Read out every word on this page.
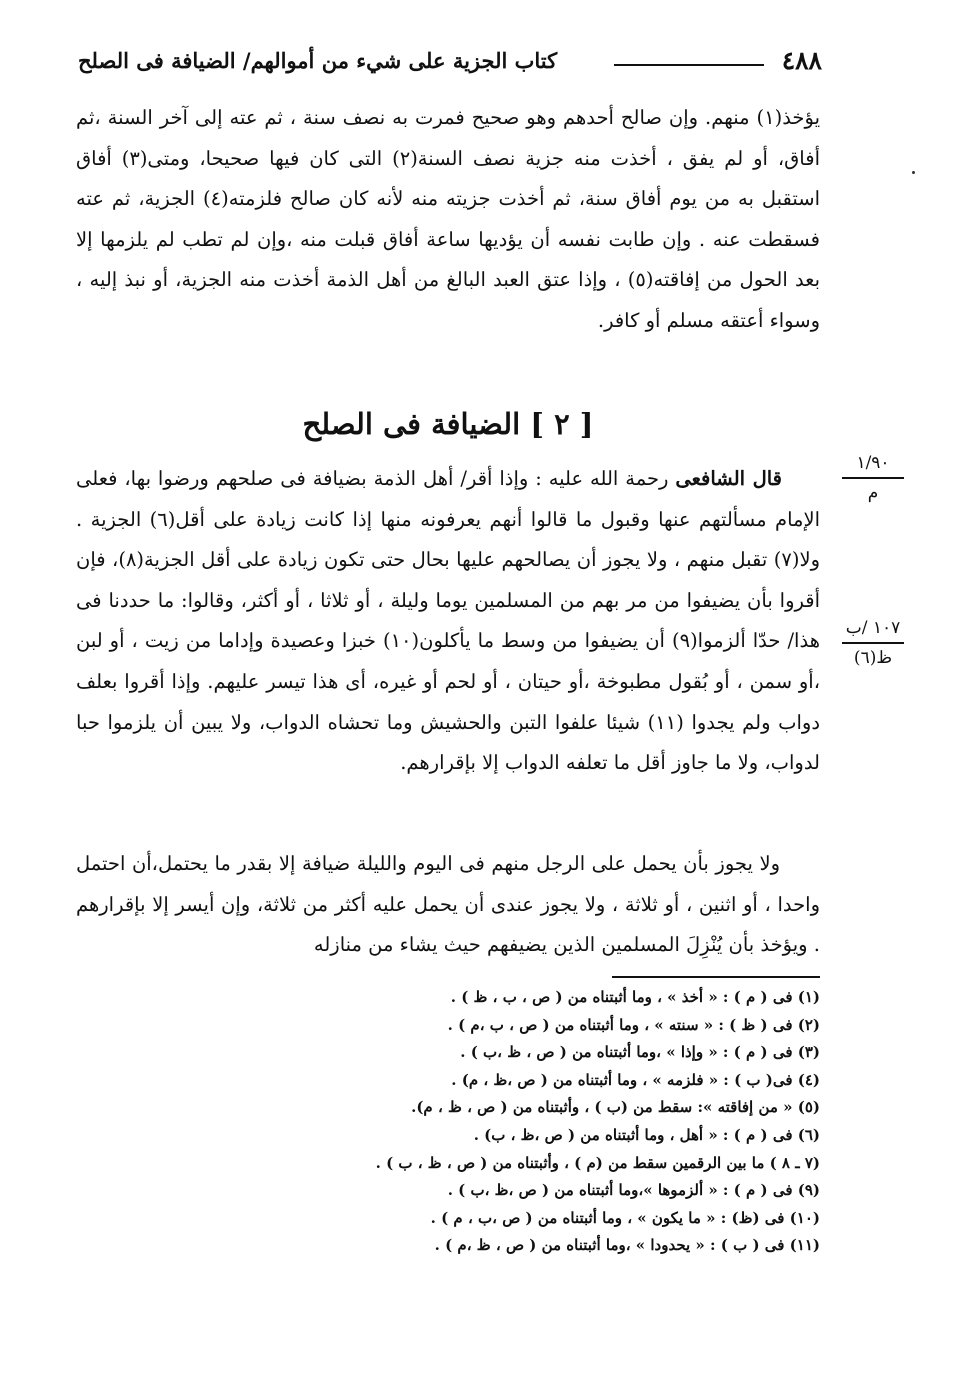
٤٨٨
كتاب الجزية على شيء من أموالهم/ الضيافة فى الصلح

يؤخذ(١) منهم. وإن صالح أحدهم وهو صحيح فمرت به نصف سنة ، ثم عته إلى آخر السنة ،ثم أفاق، أو لم يفق ، أخذت منه جزية نصف السنة(٢) التى كان فيها صحيحا، ومتى(٣) أفاق استقبل به من يوم أفاق سنة، ثم أخذت جزيته منه لأنه كان صالح فلزمته(٤) الجزية، ثم عته فسقطت عنه . وإن طابت نفسه أن يؤديها ساعة أفاق قبلت منه ،وإن لم تطب لم يلزمها إلا بعد الحول من إفاقته(٥) ، وإذا عتق العبد البالغ من أهل الذمة أخذت منه الجزية، أو نبذ إليه ، وسواء أعتقه مسلم أو كافر.

[ ٢ ] الضيافة فى الصلح

قال الشافعى رحمة الله عليه : وإذا أقر/ أهل الذمة بضيافة فى صلحهم ورضوا بها، فعلى الإمام مسألتهم عنها وقبول ما قالوا أنهم يعرفونه منها إذا كانت زيادة على أقل(٦) الجزية . ولا(٧) تقبل منهم ، ولا يجوز أن يصالحهم عليها بحال حتى تكون زيادة على أقل الجزية(٨)، فإن أقروا بأن يضيفوا من مر بهم من المسلمين يوما وليلة ، أو ثلاثا ، أو أكثر، وقالوا: ما حددنا فى هذا/ حدّا ألزموا(٩) أن يضيفوا من وسط ما يأكلون(١٠) خبزا وعصيدة وإداما من زيت ، أو لبن ،أو سمن ، أو بُقول مطبوخة ،أو حيتان ، أو لحم أو غيره، أى هذا تيسر عليهم. وإذا أقروا بعلف دواب ولم يجدوا (١١) شيئا علفوا التبن والحشيش وما تحشاه الدواب، ولا يبين أن يلزموا حبا لدواب، ولا ما جاوز أقل ما تعلفه الدواب إلا بإقرارهم.

ولا يجوز بأن يحمل على الرجل منهم فى اليوم والليلة ضيافة إلا بقدر ما يحتمل،أن احتمل واحدا ، أو اثنين ، أو ثلاثة ، ولا يجوز عندى أن يحمل عليه أكثر من ثلاثة، وإن أيسر إلا بإقرارهم . ويؤخذ بأن يُنْزِلَ المسلمين الذين يضيفهم حيث يشاء من منازله
١/٩٠
م
١٠٧ /ب
ظ(٦)
(١) فى ( م ) : « أخذ » ، وما أثبتناه من ( ص ، ب ، ظ ) .
(٢) فى ( ظ ) : « سنته » ، وما أثبتناه من ( ص ، ب ،م ) .
(٣) فى ( م ) : « وإذا » ،وما أثبتناه من ( ص ، ظ ،ب ) .
(٤) فى( ب ) : « فلزمه » ، وما أثبتناه من ( ص ،ظ ، م) .
(٥) « من إفاقته »: سقط من (ب ) ، وأثبتناه من ( ص ، ظ ، م).
(٦) فى ( م ) : « أهل ، وما أثبتناه من ( ص ،ظ ، ب) .
(٧ ـ ٨ ) ما بين الرقمين سقط من (م ) ، وأثبتناه من ( ص ، ظ ، ب ) .
(٩) فى ( م ) : « ألزموها »،وما أثبتناه من ( ص ،ظ ،ب ) .
(١٠) فى (ظ) : « ما يكون » ، وما أثبتناه من ( ص ،ب ، م ) .
(١١) فى ( ب ) : « يحدودا » ،وما أثبتناه من ( ص ، ظ ،م ) .
